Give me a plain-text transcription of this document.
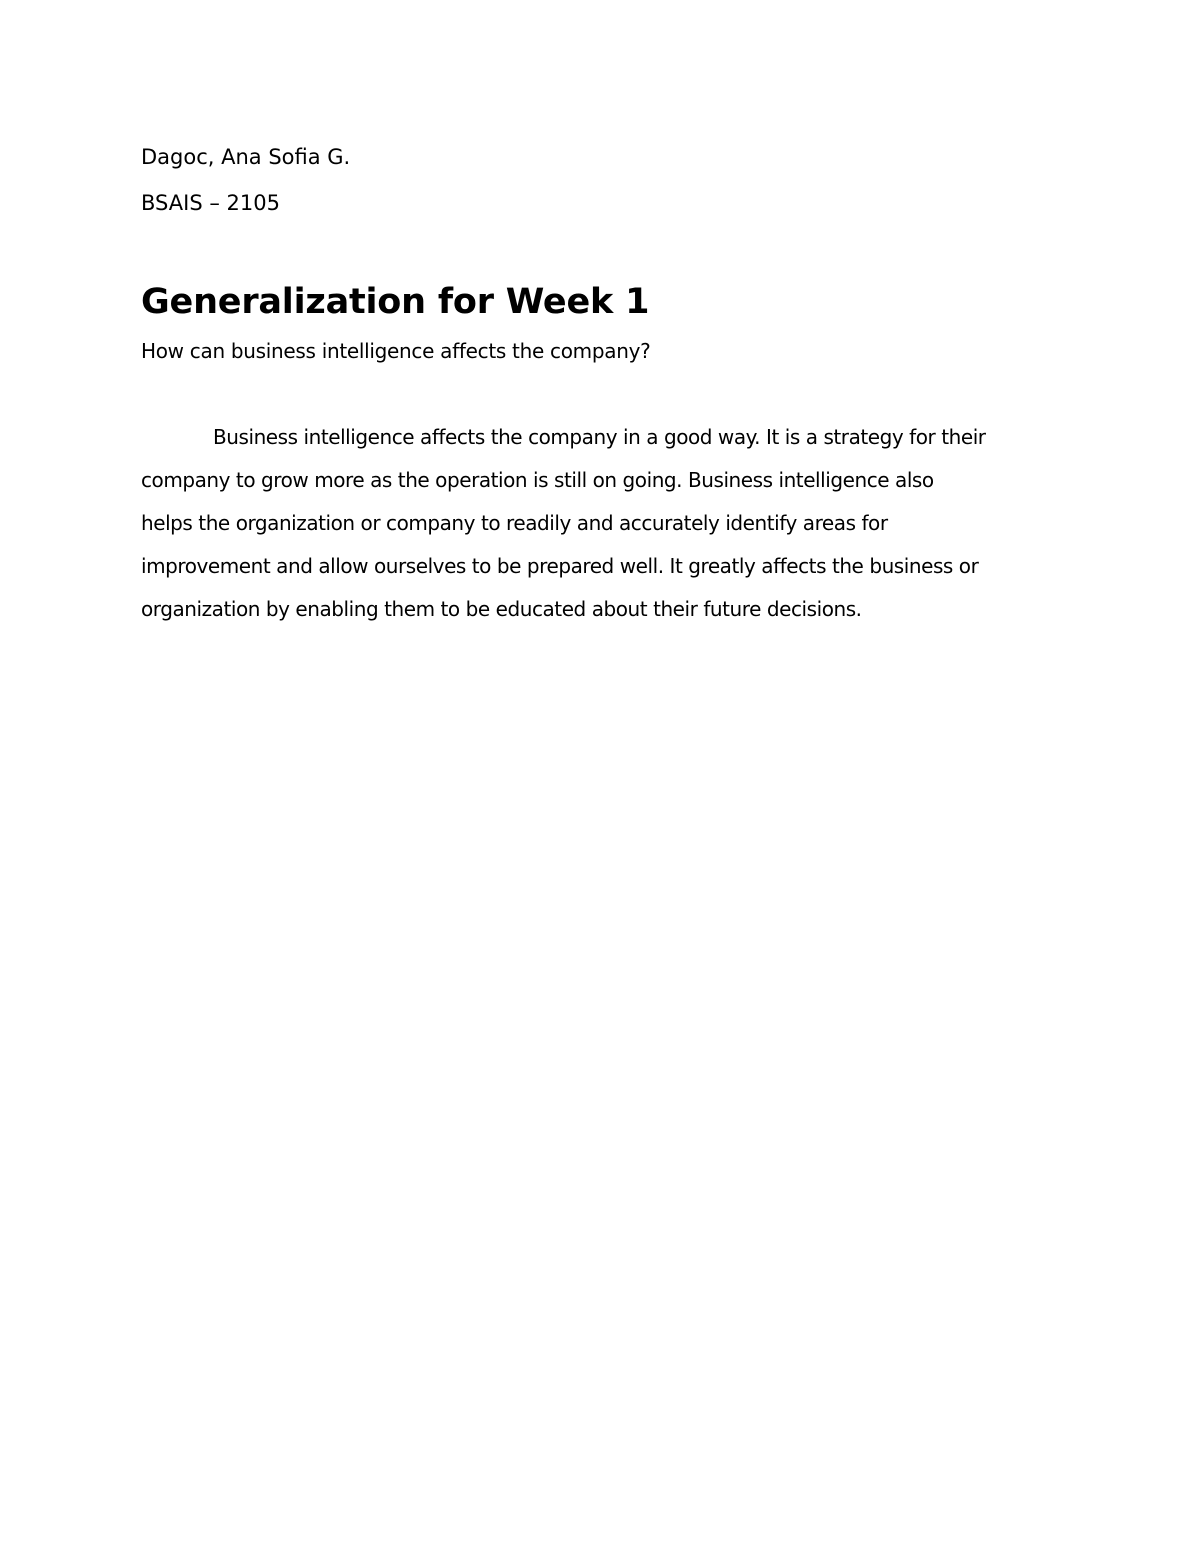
Dagoc, Ana Sofia G.

BSAIS – 2105

Generalization for Week 1

How can business intelligence affects the company?

Business intelligence affects the company in a good way. It is a strategy for their
company to grow more as the operation is still on going. Business intelligence also
helps the organization or company to readily and accurately identify areas for
improvement and allow ourselves to be prepared well. It greatly affects the business or
organization by enabling them to be educated about their future decisions.
